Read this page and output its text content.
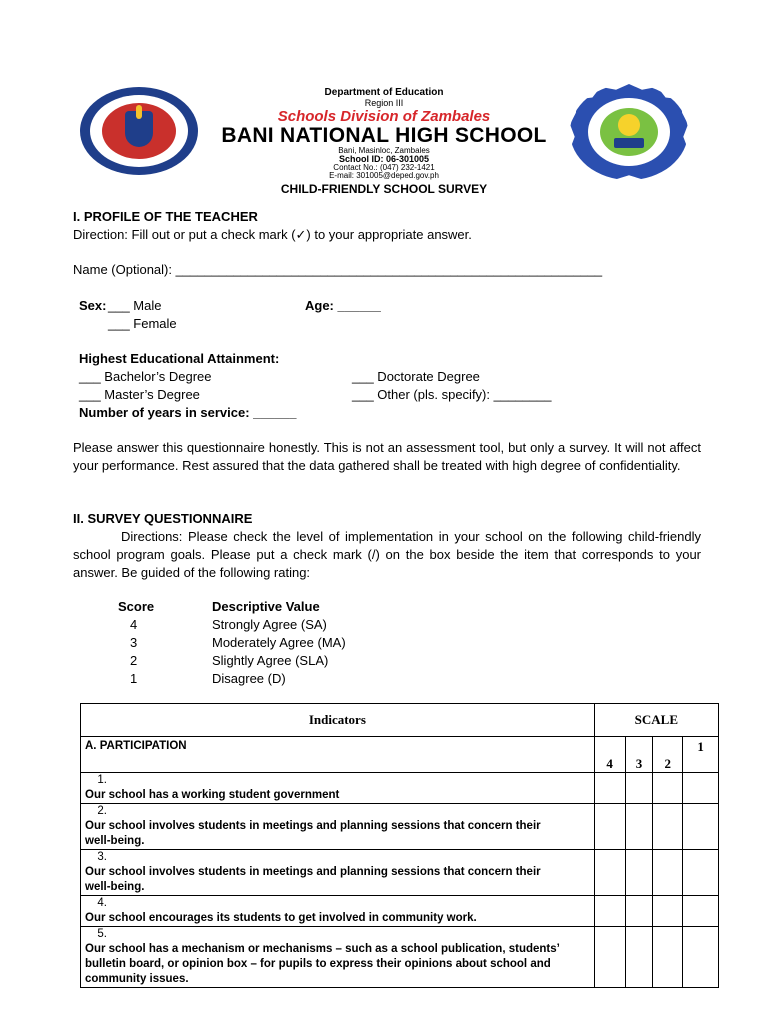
Department of Education
Region III
Schools Division of Zambales
BANI NATIONAL HIGH SCHOOL
Bani, Masinloc, Zambales
School ID: 06-301005
Contact No.: (047) 232-1421
E-mail: 301005@deped.gov.ph
CHILD-FRIENDLY SCHOOL SURVEY
I. PROFILE OF THE TEACHER
Direction: Fill out or put a check mark (✓) to your appropriate answer.
Name (Optional): ___________________________________________________________
Sex: ___ Male
___ Female
Age: ______
Highest Educational Attainment:
___ Bachelor’s Degree
___ Master’s Degree
___ Doctorate Degree
___ Other (pls. specify): ________
Number of years in service: ______
Please answer this questionnaire honestly. This is not an assessment tool, but only a survey. It will not affect your performance. Rest assured that the data gathered shall be treated with high degree of confidentiality.
II. SURVEY QUESTIONNAIRE
Directions: Please check the level of implementation in your school on the following child-friendly school program goals. Please put a check mark (/) on the box beside the item that corresponds to your answer. Be guided of the following rating:
Score	Descriptive Value
4	Strongly Agree (SA)
3	Moderately Agree (MA)
2	Slightly Agree (SLA)
1	Disagree (D)
Indicators	SCALE			
A. PARTICIPATION	4	3	2	1
1.Our school has a working student government				
2.Our school involves students in meetings and planning sessions that concern their well-being.				
3.Our school involves students in meetings and planning sessions that concern their well-being.				
4.Our school encourages its students to get involved in community work.				
5.Our school has a mechanism or mechanisms – such as a school publication, students’ bulletin board, or opinion box – for pupils to express their opinions about school and community issues.				
